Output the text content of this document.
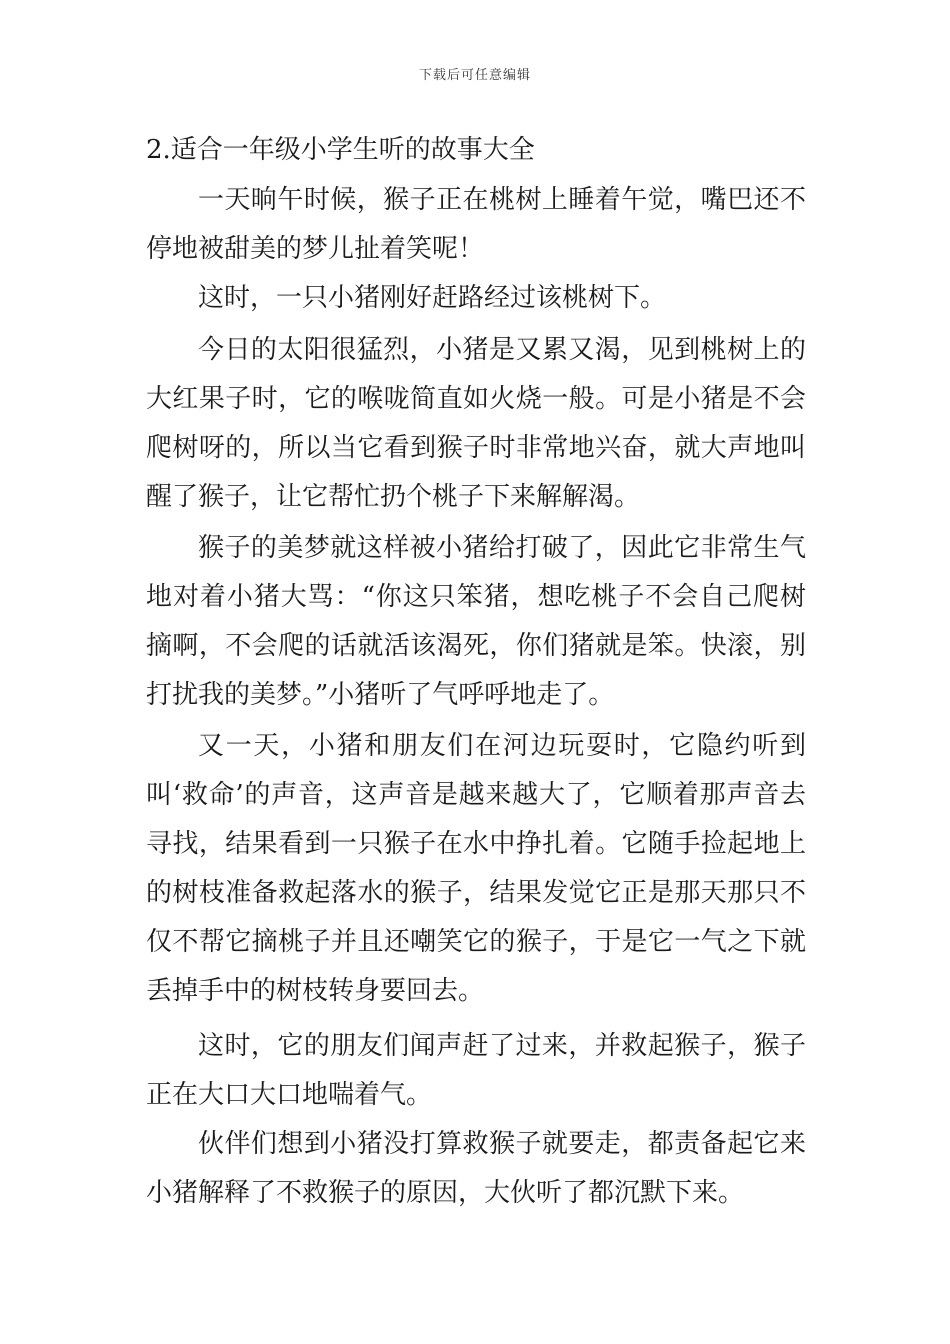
下载后可任意编辑
2.适合一年级小学生听的故事大全

一天晌午时候，猴子正在桃树上睡着午觉，嘴巴还不停地被甜美的梦儿扯着笑呢！

这时，一只小猪刚好赶路经过该桃树下。

今日的太阳很猛烈，小猪是又累又渴，见到桃树上的大红果子时，它的喉咙简直如火烧一般。可是小猪是不会爬树呀的，所以当它看到猴子时非常地兴奋，就大声地叫醒了猴子，让它帮忙扔个桃子下来解解渴。

猴子的美梦就这样被小猪给打破了，因此它非常生气地对着小猪大骂：“你这只笨猪，想吃桃子不会自己爬树摘啊，不会爬的话就活该渴死，你们猪就是笨。快滚，别打扰我的美梦。”小猪听了气呼呼地走了。

又一天，小猪和朋友们在河边玩耍时，它隐约听到叫‘救命’的声音，这声音是越来越大了，它顺着那声音去寻找，结果看到一只猴子在水中挣扎着。它随手捡起地上的树枝准备救起落水的猴子，结果发觉它正是那天那只不仅不帮它摘桃子并且还嘲笑它的猴子，于是它一气之下就丢掉手中的树枝转身要回去。

这时，它的朋友们闻声赶了过来，并救起猴子，猴子正在大口大口地喘着气。

伙伴们想到小猪没打算救猴子就要走，都责备起它来小猪解释了不救猴子的原因，大伙听了都沉默下来。
